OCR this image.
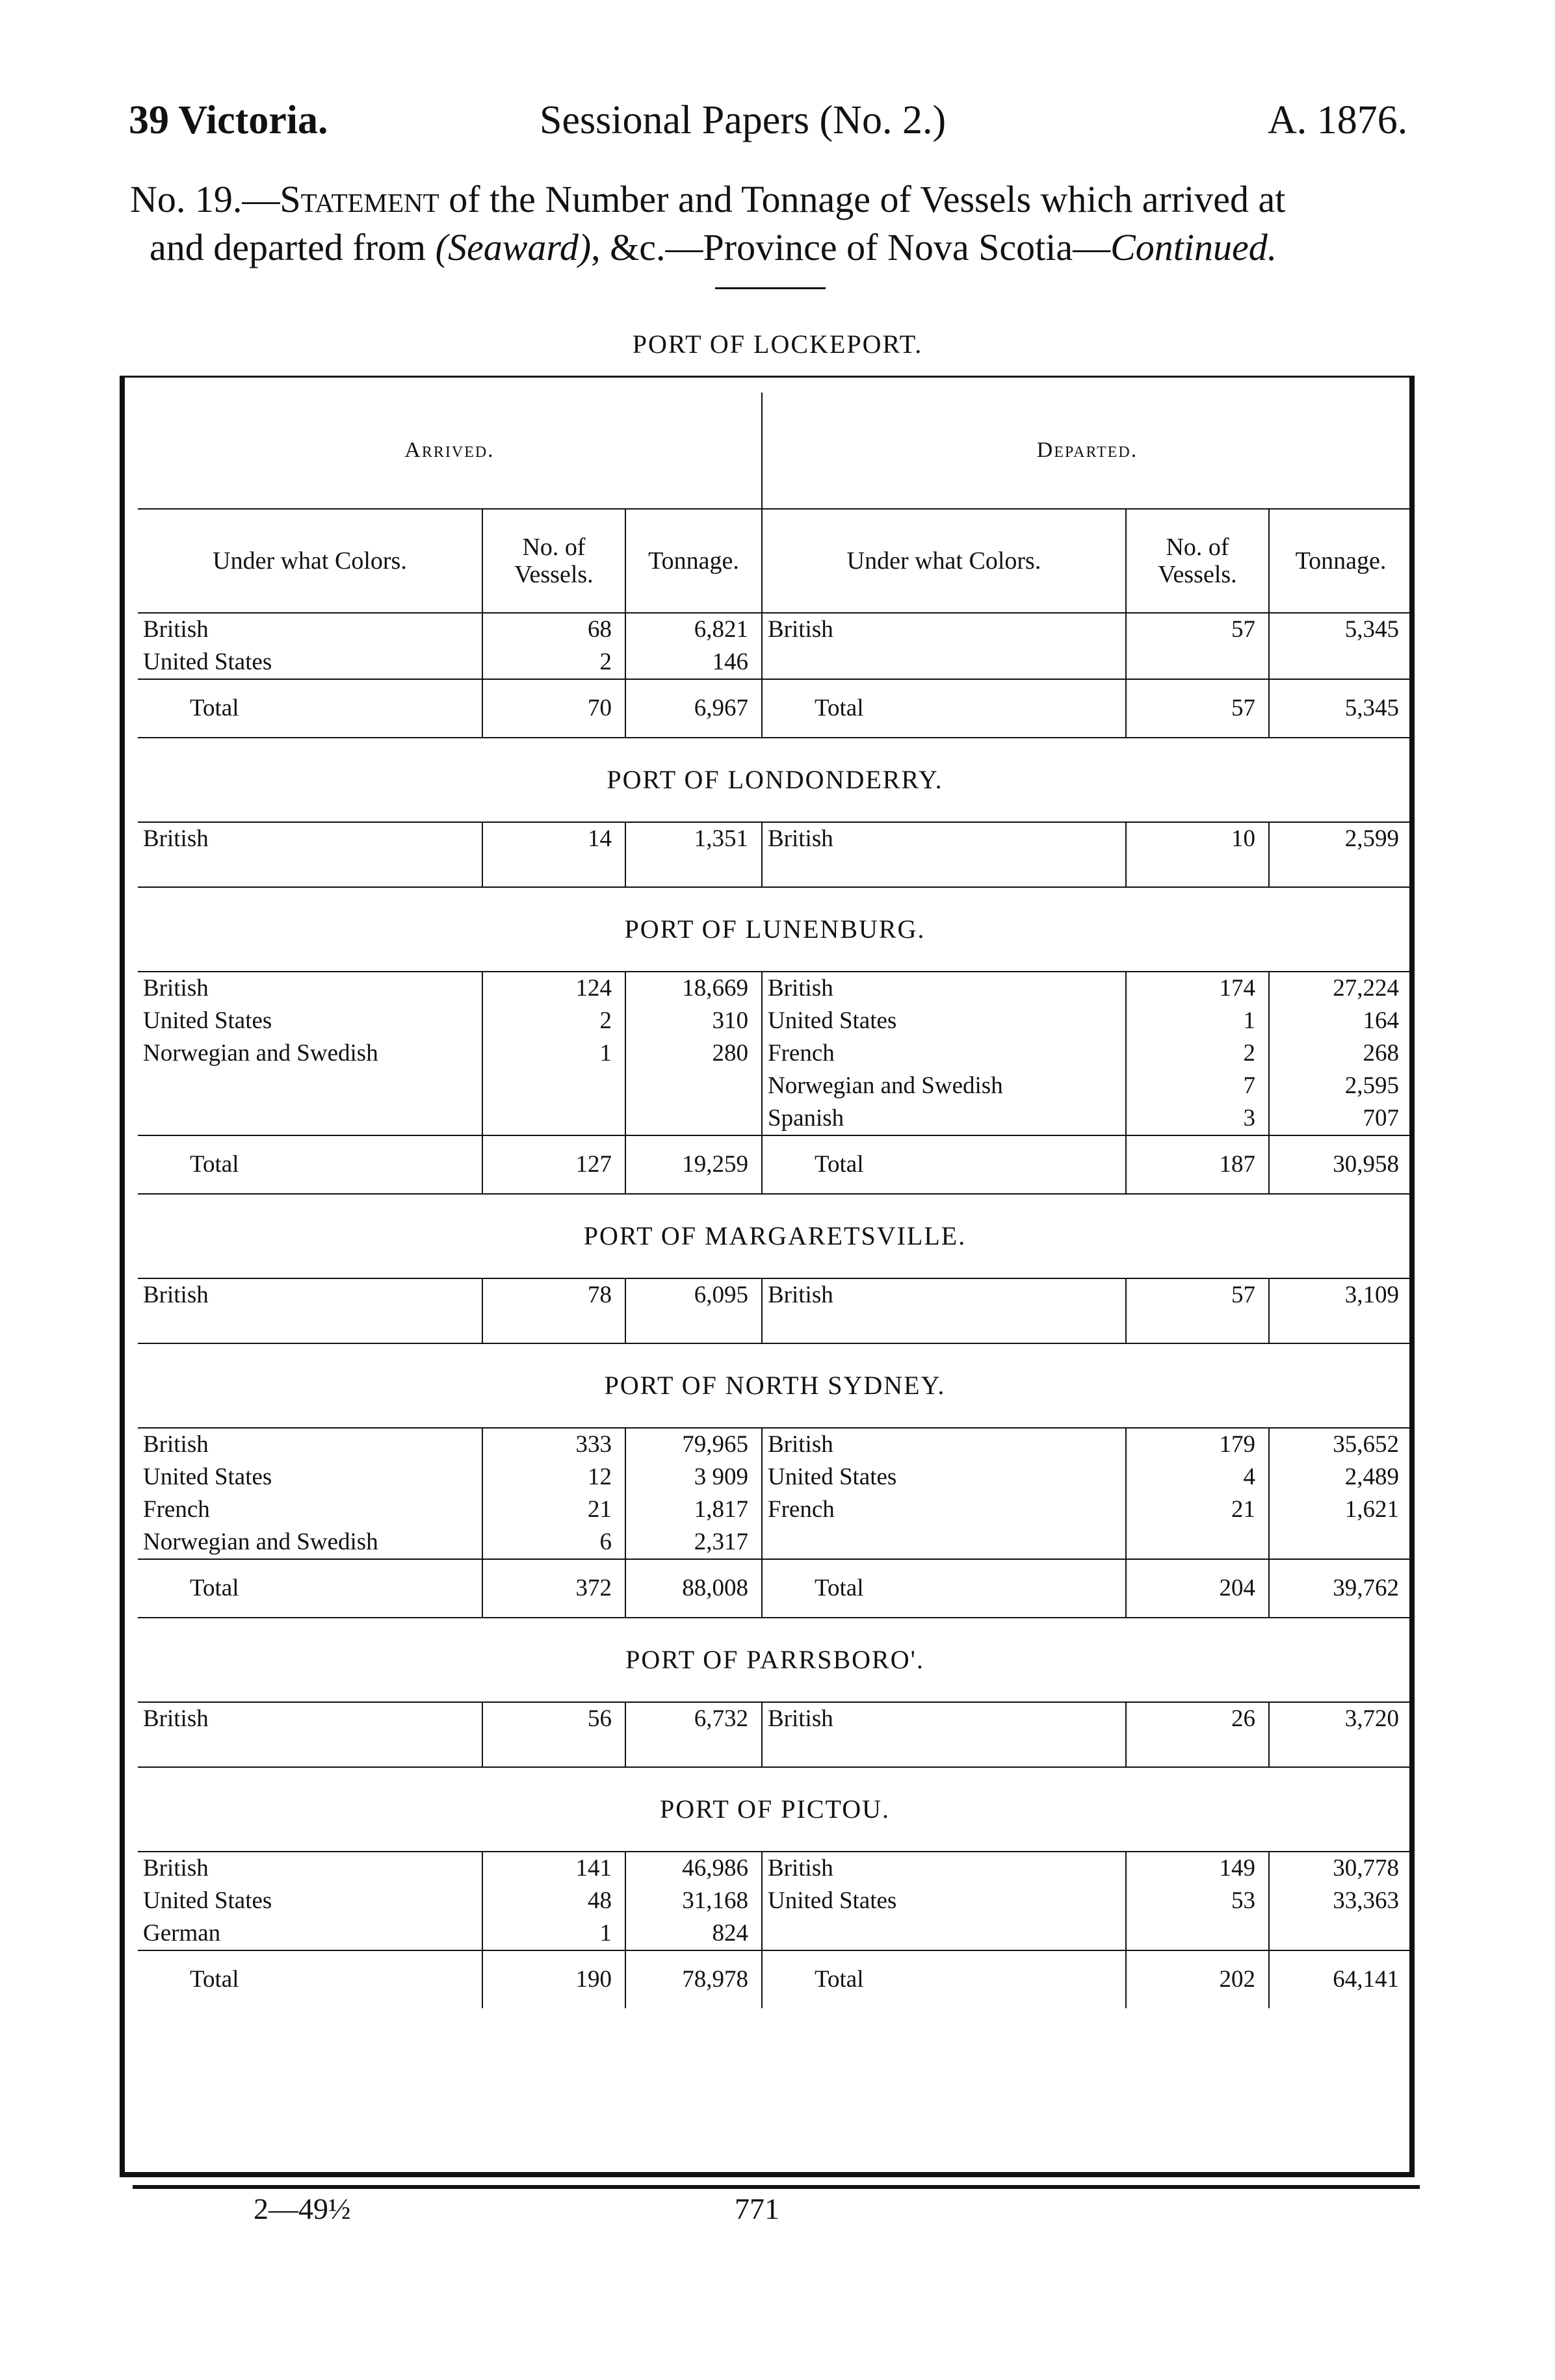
39 Victoria.	Sessional Papers (No. 2.)	A. 1876.
No. 19.—Statement of the Number and Tonnage of Vessels which arrived at
and departed from (Seaward), &c.—Province of Nova Scotia—Continued.
PORT OF LOCKEPORT.
Arrived.			Departed.		
Under what Colors.	No. of Vessels.	Tonnage.	Under what Colors.	No. of Vessels.	Tonnage.
British	68	6,821	British	57	5,345
United States	2	146			
Total	70	6,967	Total	57	5,345
PORT OF LONDONDERRY.					
British	14	1,351	British	10	2,599

PORT OF LUNENBURG.					
British	124	18,669	British	174	27,224
United States	2	310	United States	1	164
Norwegian and Swedish	1	280	French	2	268
			Norwegian and Swedish	7	2,595
			Spanish	3	707
Total	127	19,259	Total	187	30,958
PORT OF MARGARETSVILLE.					
British	78	6,095	British	57	3,109

PORT OF NORTH SYDNEY.					
British	333	79,965	British	179	35,652
United States	12	3 909	United States	4	2,489
French	21	1,817	French	21	1,621
Norwegian and Swedish	6	2,317			
Total	372	88,008	Total	204	39,762
PORT OF PARRSBORO'.					
British	56	6,732	British	26	3,720

PORT OF PICTOU.					
British	141	46,986	British	149	30,778
United States	48	31,168	United States	53	33,363
German	1	824			
Total	190	78,978	Total	202	64,141
2—49½	771
